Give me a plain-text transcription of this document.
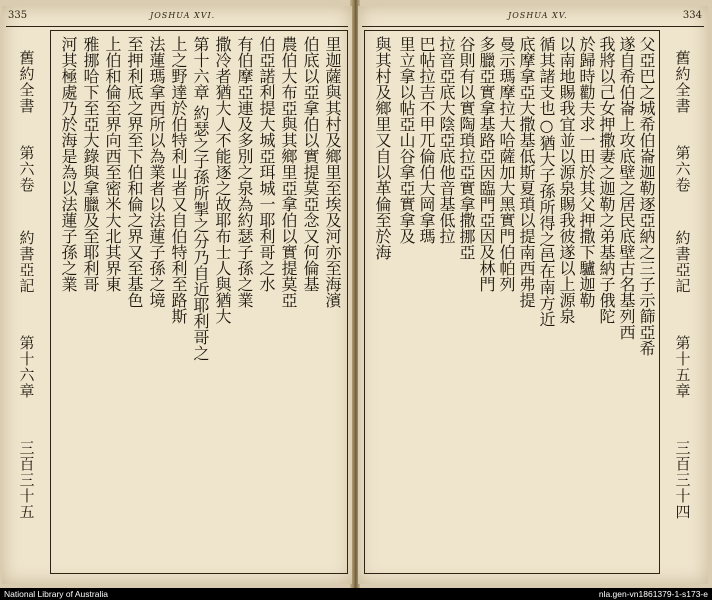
335	JOSHUA XVI.
舊約全書
第六卷
約書亞記
第十六章
三百三十五
里迦薩與其村及鄉里至埃及河亦至海濱
伯底以亞拿伯以實提莫亞念又何倫基
農伯大布亞與其鄉里亞拿伯以實提莫亞
伯亞諾利提大城亞珥城一耶利哥之水
有伯摩亞連及多別之泉為約瑟子孫之業
撒冷者猶大人不能逐之故耶布士人與猶大
第十六章 約瑟之子孫所掣之分乃自近耶利哥之
上之野達於伯特利山者又自伯特利至路斯
法蓮瑪拿西所以為業者以法蓮子孫之境
至押利底之界至下伯和倫之界又至基色
上伯和倫至界向西至密米大北其界東
雅挪哈下至亞大錄與拿臘及至耶利哥
河其極處乃於海是為以法蓮子孫之業
JOSHUA XV.	334
父亞巴之城希伯崙迦勒逐亞納之三子示篩亞希
遂自希伯崙上攻底壁之居民底壁古名基列西
我將以己女押撒妻之迦勒之弟基納子俄陀
於歸時勸夫求一田於其父押撒下驢迦勒
以南地賜我宜並以源泉賜我彼遂以上源泉
循其諸支也○猶大子孫所得之邑在南方近
底摩拿亞大撒基低斯夏瑣以提南西弗提
曼示瑪摩拉大哈薩加大黑實門伯帕列
多臘亞實拿基路亞因臨門亞因及林門
谷則有以實陶瑣拉亞實拿撒挪亞
拉音亞底大陰亞底他音基低拉
巴帖拉吉不甲兀倫伯大岡拿瑪
里立拿以帖亞山谷拿亞實拿及
與其村及鄉里又自以革倫至於海	舊約全書
第六卷
約書亞記
第十五章
三百三十四
National Library of Australia	nla.gen-vn1861379-1-s173-e
